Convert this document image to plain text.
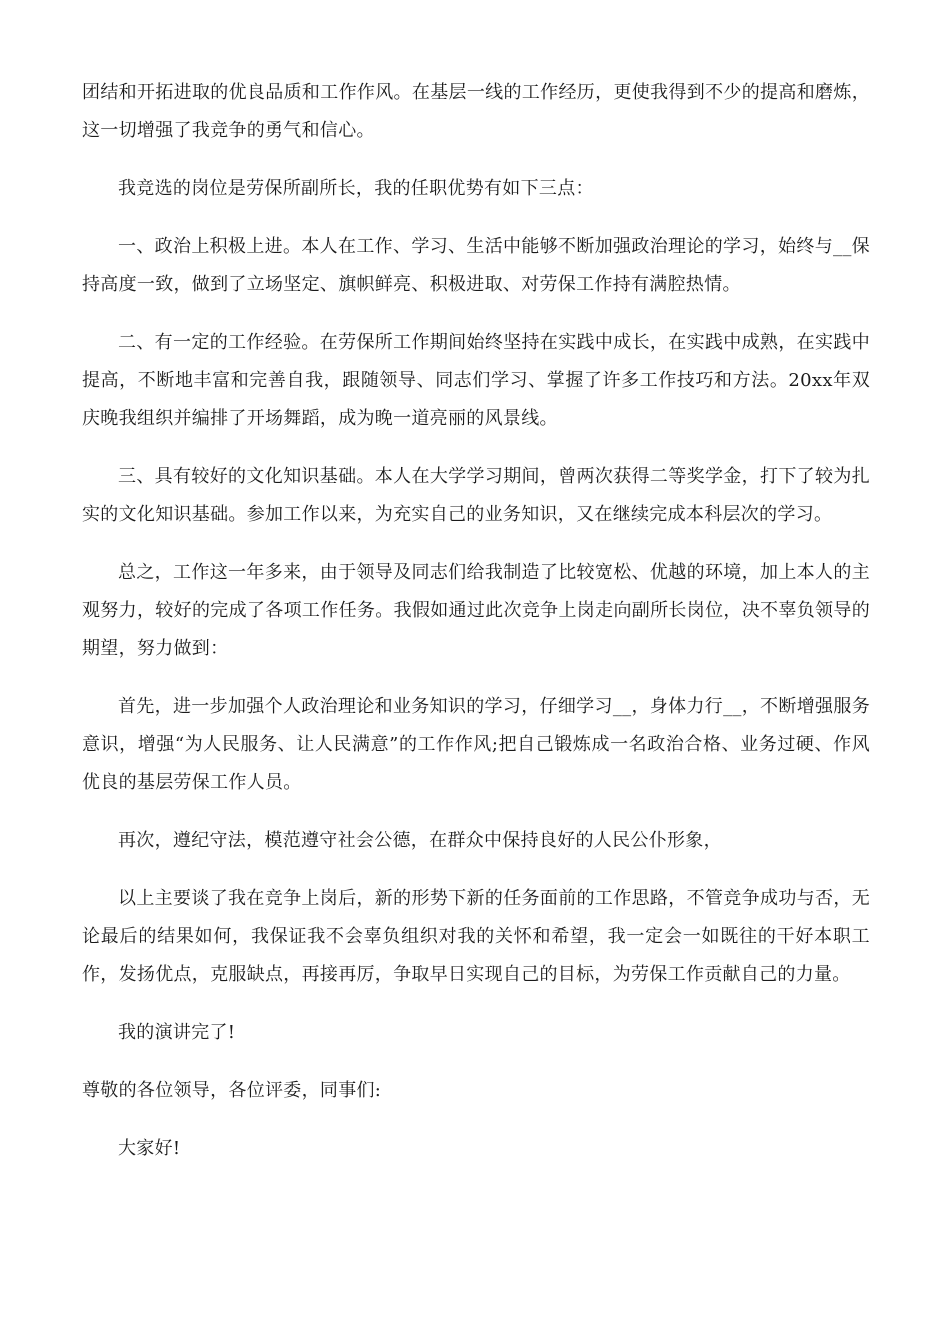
团结和开拓进取的优良品质和工作作风。在基层一线的工作经历，更使我得到不少的提高和磨炼，这一切增强了我竞争的勇气和信心。

我竞选的岗位是劳保所副所长，我的任职优势有如下三点：

一、政治上积极上进。本人在工作、学习、生活中能够不断加强政治理论的学习，始终与__保持高度一致，做到了立场坚定、旗帜鲜亮、积极进取、对劳保工作持有满腔热情。

二、有一定的工作经验。在劳保所工作期间始终坚持在实践中成长，在实践中成熟，在实践中提高，不断地丰富和完善自我，跟随领导、同志们学习、掌握了许多工作技巧和方法。20xx年双庆晚我组织并编排了开场舞蹈，成为晚一道亮丽的风景线。

三、具有较好的文化知识基础。本人在大学学习期间，曾两次获得二等奖学金，打下了较为扎实的文化知识基础。参加工作以来，为充实自己的业务知识，又在继续完成本科层次的学习。

总之，工作这一年多来，由于领导及同志们给我制造了比较宽松、优越的环境，加上本人的主观努力，较好的完成了各项工作任务。我假如通过此次竞争上岗走向副所长岗位，决不辜负领导的期望，努力做到：

首先，进一步加强个人政治理论和业务知识的学习，仔细学习__，身体力行__，不断增强服务意识，增强“为人民服务、让人民满意”的工作作风;把自己锻炼成一名政治合格、业务过硬、作风优良的基层劳保工作人员。

再次，遵纪守法，模范遵守社会公德，在群众中保持良好的人民公仆形象，

以上主要谈了我在竞争上岗后，新的形势下新的任务面前的工作思路，不管竞争成功与否，无论最后的结果如何，我保证我不会辜负组织对我的关怀和希望，我一定会一如既往的干好本职工作，发扬优点，克服缺点，再接再厉，争取早日实现自己的目标，为劳保工作贡献自己的力量。

我的演讲完了!

尊敬的各位领导，各位评委，同事们:

大家好!
